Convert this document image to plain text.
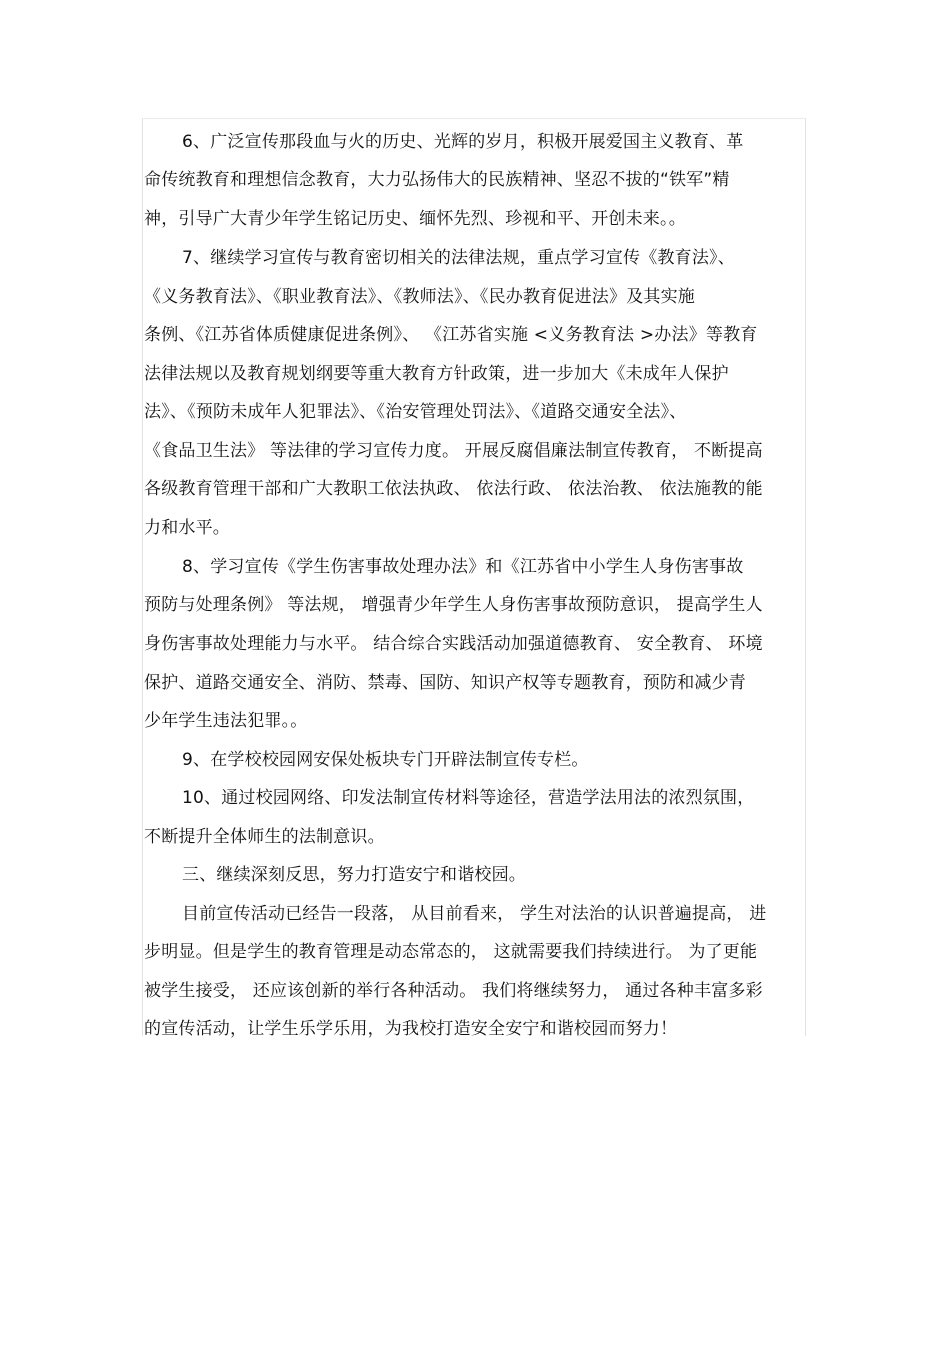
6、广泛宣传那段血与火的历史、光辉的岁月，积极开展爱国主义教育、革
命传统教育和理想信念教育，大力弘扬伟大的民族精神、坚忍不拔的“铁军”精
神，引导广大青少年学生铭记历史、缅怀先烈、珍视和平、开创未来。。
7、继续学习宣传与教育密切相关的法律法规，重点学习宣传《教育法》、
《义务教育法》、《职业教育法》、《教师法》、《民办教育促进法》及其实施
条例、《江苏省体质健康促进条例》、 《江苏省实施 <义务教育法 >办法》等教育
法律法规以及教育规划纲要等重大教育方针政策，进一步加大《未成年人保护
法》、《预防未成年人犯罪法》、《治安管理处罚法》、《道路交通安全法》、
《食品卫生法》 等法律的学习宣传力度。 开展反腐倡廉法制宣传教育， 不断提高
各级教育管理干部和广大教职工依法执政、 依法行政、 依法治教、 依法施教的能
力和水平。
8、学习宣传《学生伤害事故处理办法》和《江苏省中小学生人身伤害事故
预防与处理条例》 等法规， 增强青少年学生人身伤害事故预防意识， 提高学生人
身伤害事故处理能力与水平。 结合综合实践活动加强道德教育、 安全教育、 环境
保护、道路交通安全、消防、禁毒、国防、知识产权等专题教育，预防和减少青
少年学生违法犯罪。。
9、在学校校园网安保处板块专门开辟法制宣传专栏。
10、通过校园网络、印发法制宣传材料等途径，营造学法用法的浓烈氛围，
不断提升全体师生的法制意识。
三、继续深刻反思，努力打造安宁和谐校园。
目前宣传活动已经告一段落， 从目前看来， 学生对法治的认识普遍提高， 进
步明显。但是学生的教育管理是动态常态的， 这就需要我们持续进行。 为了更能
被学生接受， 还应该创新的举行各种活动。 我们将继续努力， 通过各种丰富多彩
的宣传活动，让学生乐学乐用，为我校打造安全安宁和谐校园而努力！
